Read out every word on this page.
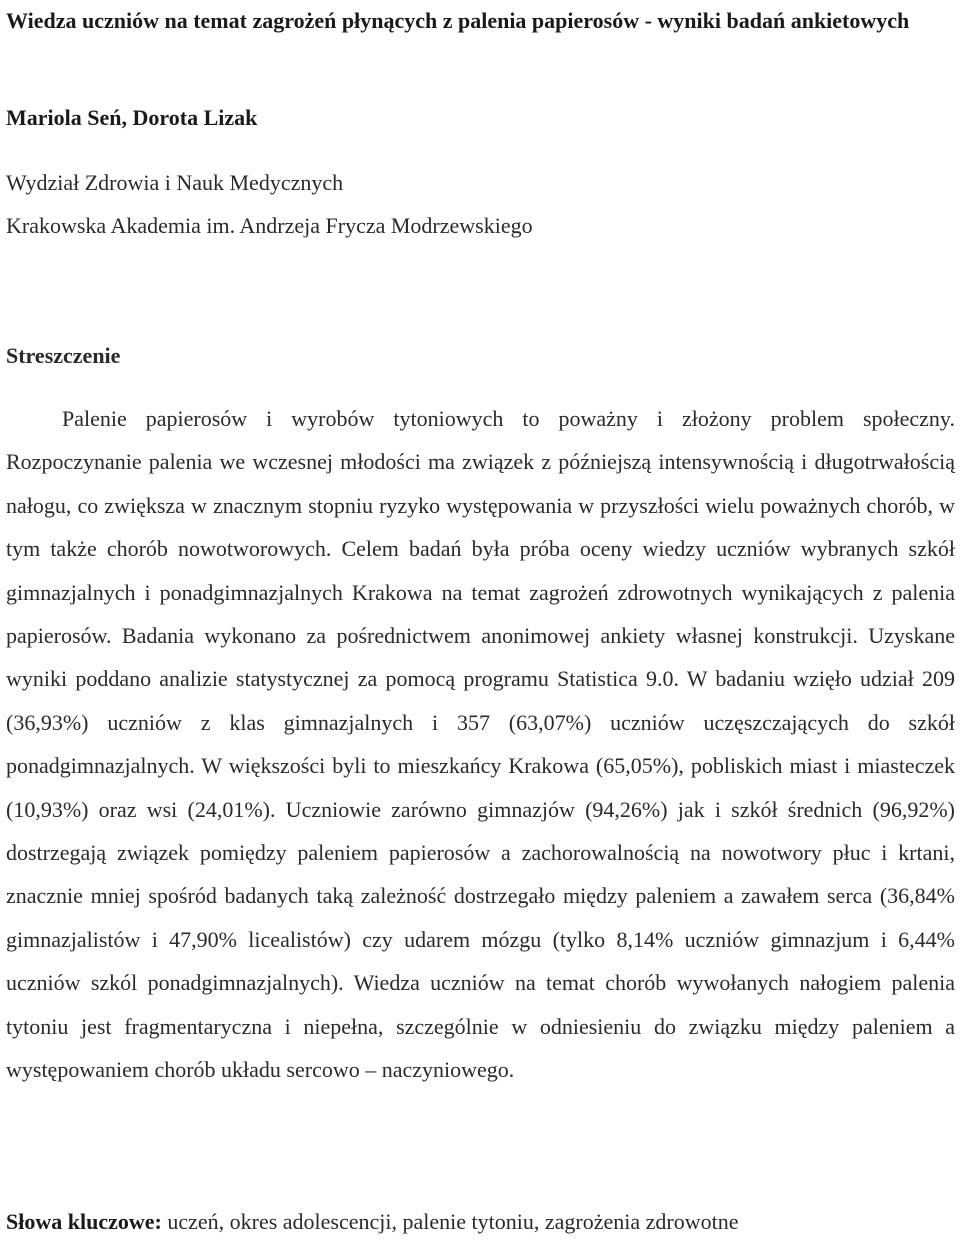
Wiedza uczniów na temat zagrożeń płynących z palenia papierosów - wyniki badań ankietowych

Mariola Seń, Dorota Lizak

Wydział Zdrowia i Nauk Medycznych

Krakowska Akademia im. Andrzeja Frycza Modrzewskiego

Streszczenie

Palenie papierosów i wyrobów tytoniowych to poważny i złożony problem społeczny. Rozpoczynanie palenia we wczesnej młodości ma związek z późniejszą intensywnością i długotrwałością nałogu, co zwiększa w znacznym stopniu ryzyko występowania w przyszłości wielu poważnych chorób, w tym także chorób nowotworowych. Celem badań była próba oceny wiedzy uczniów wybranych szkół gimnazjalnych i ponadgimnazjalnych Krakowa na temat zagrożeń zdrowotnych wynikających z palenia papierosów. Badania wykonano za pośrednictwem anonimowej ankiety własnej konstrukcji. Uzyskane wyniki poddano analizie statystycznej za pomocą programu Statistica 9.0. W badaniu wzięło udział 209 (36,93%) uczniów z klas gimnazjalnych i 357 (63,07%) uczniów uczęszczających do szkół ponadgimnazjalnych. W większości byli to mieszkańcy Krakowa (65,05%), pobliskich miast i miasteczek (10,93%) oraz wsi (24,01%). Uczniowie zarówno gimnazjów (94,26%) jak i szkół średnich (96,92%) dostrzegają związek pomiędzy paleniem papierosów a zachorowalnością na nowotwory płuc i krtani, znacznie mniej spośród badanych taką zależność dostrzegało między paleniem a zawałem serca (36,84% gimnazjalistów i 47,90% licealistów) czy udarem mózgu (tylko 8,14% uczniów gimnazjum i 6,44% uczniów szkól ponadgimnazjalnych). Wiedza uczniów na temat chorób wywołanych nałogiem palenia tytoniu jest fragmentaryczna i niepełna, szczególnie w odniesieniu do związku między paleniem a występowaniem chorób układu sercowo – naczyniowego.

Słowa kluczowe: uczeń, okres adolescencji, palenie tytoniu, zagrożenia zdrowotne
